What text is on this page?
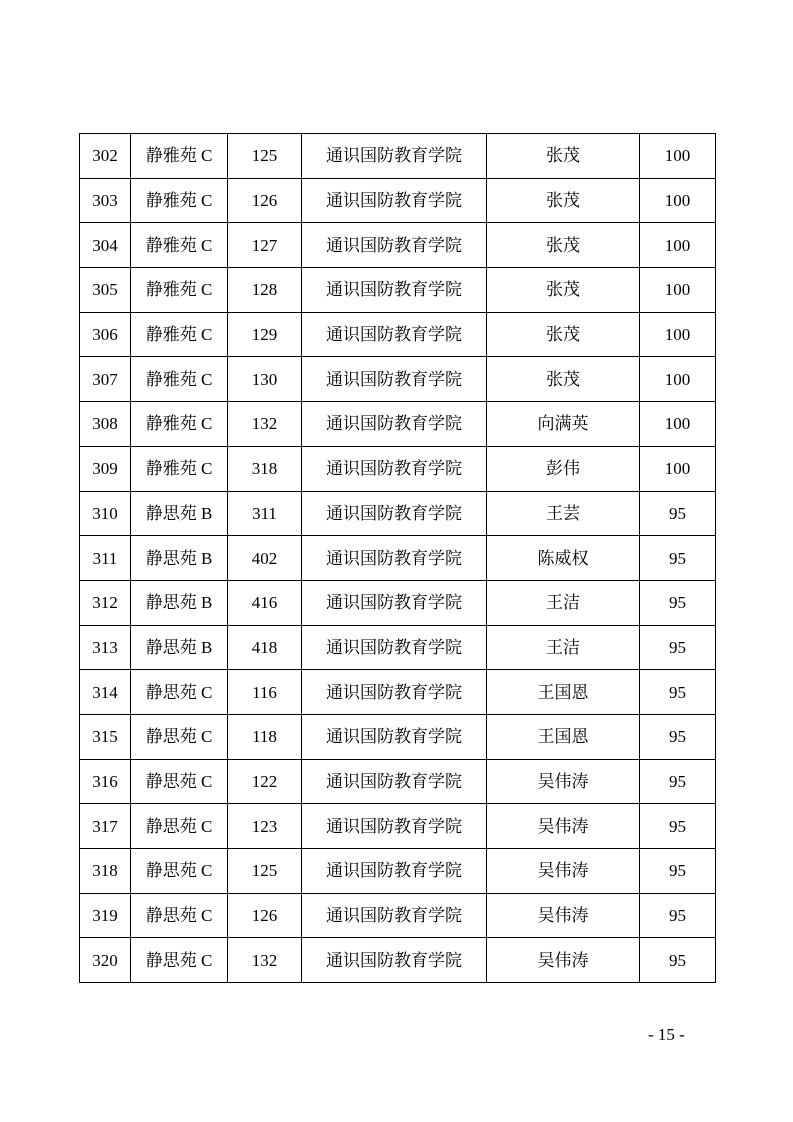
302	静雅苑 C	125	通识国防教育学院	张茂	100
303	静雅苑 C	126	通识国防教育学院	张茂	100
304	静雅苑 C	127	通识国防教育学院	张茂	100
305	静雅苑 C	128	通识国防教育学院	张茂	100
306	静雅苑 C	129	通识国防教育学院	张茂	100
307	静雅苑 C	130	通识国防教育学院	张茂	100
308	静雅苑 C	132	通识国防教育学院	向满英	100
309	静雅苑 C	318	通识国防教育学院	彭伟	100
310	静思苑 B	311	通识国防教育学院	王芸	95
311	静思苑 B	402	通识国防教育学院	陈威权	95
312	静思苑 B	416	通识国防教育学院	王洁	95
313	静思苑 B	418	通识国防教育学院	王洁	95
314	静思苑 C	116	通识国防教育学院	王国恩	95
315	静思苑 C	118	通识国防教育学院	王国恩	95
316	静思苑 C	122	通识国防教育学院	吴伟涛	95
317	静思苑 C	123	通识国防教育学院	吴伟涛	95
318	静思苑 C	125	通识国防教育学院	吴伟涛	95
319	静思苑 C	126	通识国防教育学院	吴伟涛	95
320	静思苑 C	132	通识国防教育学院	吴伟涛	95
- 15 -
